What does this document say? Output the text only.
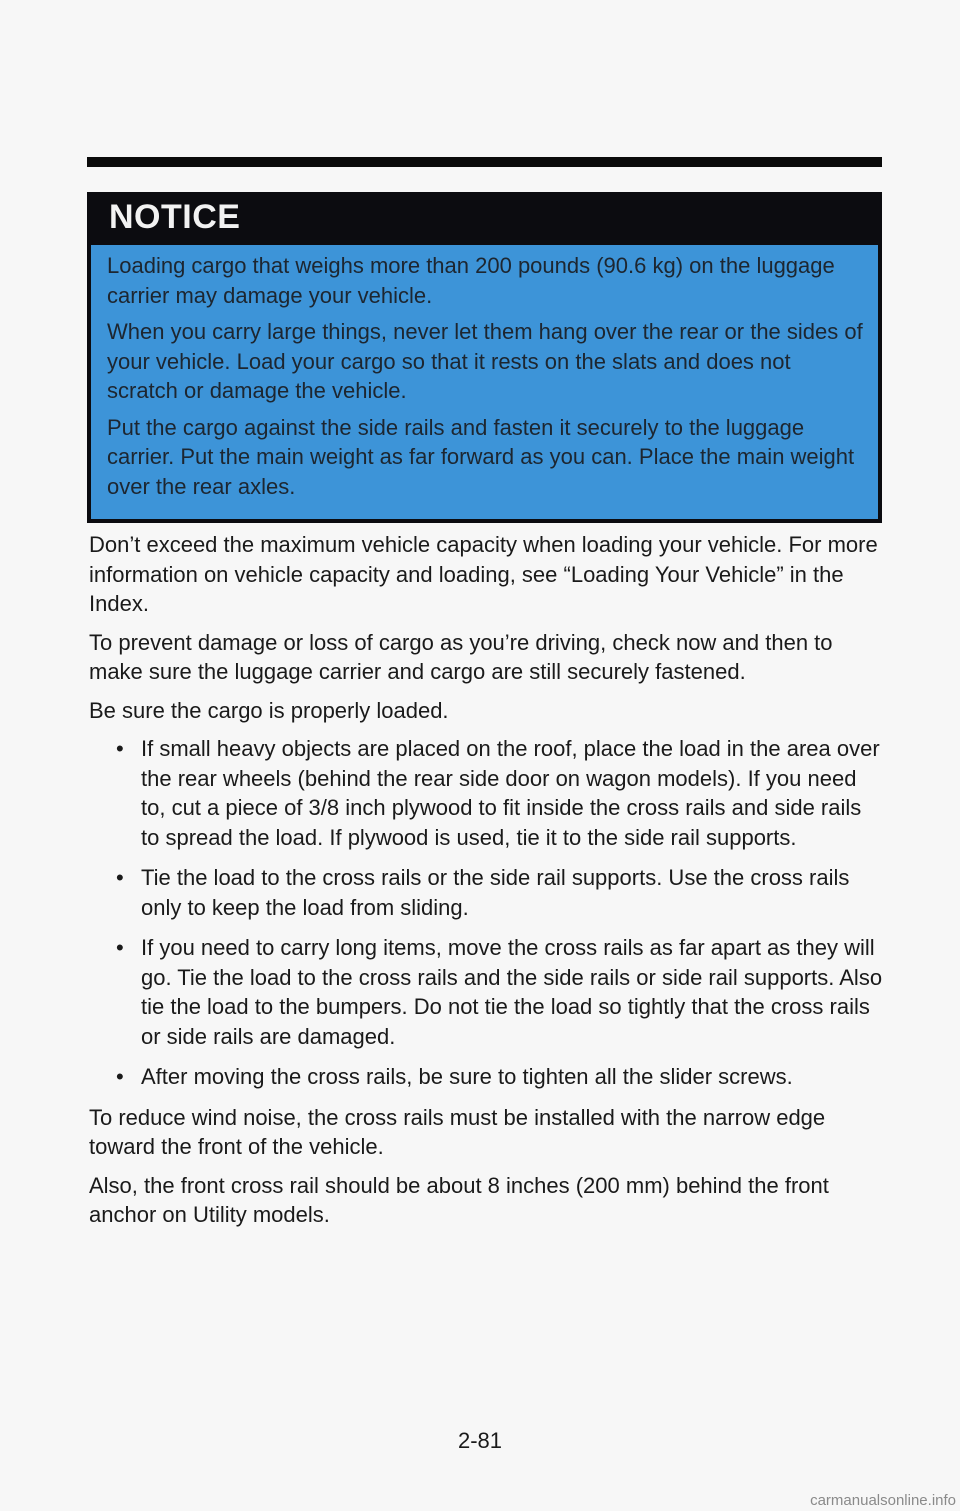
NOTICE

Loading cargo that weighs more than 200 pounds (90.6 kg) on the luggage carrier may damage your vehicle.

When you carry large things, never let them hang over the rear or the sides of your vehicle. Load your cargo so that it rests on the slats and does not scratch or damage the vehicle.

Put the cargo against the side rails and fasten it securely to the luggage carrier. Put the main weight as far forward as you can. Place the main weight over the rear axles.

Don’t exceed the maximum vehicle capacity when loading your vehicle. For more information on vehicle capacity and loading, see “Loading Your Vehicle” in the Index.

To prevent damage or loss of cargo as you’re driving, check now and then to make sure the luggage carrier and cargo are still securely fastened.

Be sure the cargo is properly loaded.

• If small heavy objects are placed on the roof, place the load in the area over the rear wheels (behind the rear side door on wagon models). If you need to, cut a piece of 3/8 inch plywood to fit inside the cross rails and side rails to spread the load. If plywood is used, tie it to the side rail supports.
• Tie the load to the cross rails or the side rail supports. Use the cross rails only to keep the load from sliding.
• If you need to carry long items, move the cross rails as far apart as they will go. Tie the load to the cross rails and the side rails or side rail supports. Also tie the load to the bumpers. Do not tie the load so tightly that the cross rails or side rails are damaged.
• After moving the cross rails, be sure to tighten all the slider screws.

To reduce wind noise, the cross rails must be installed with the narrow edge toward the front of the vehicle.

Also, the front cross rail should be about 8 inches (200 mm) behind the front anchor on Utility models.

2-81
carmanualsonline.info
